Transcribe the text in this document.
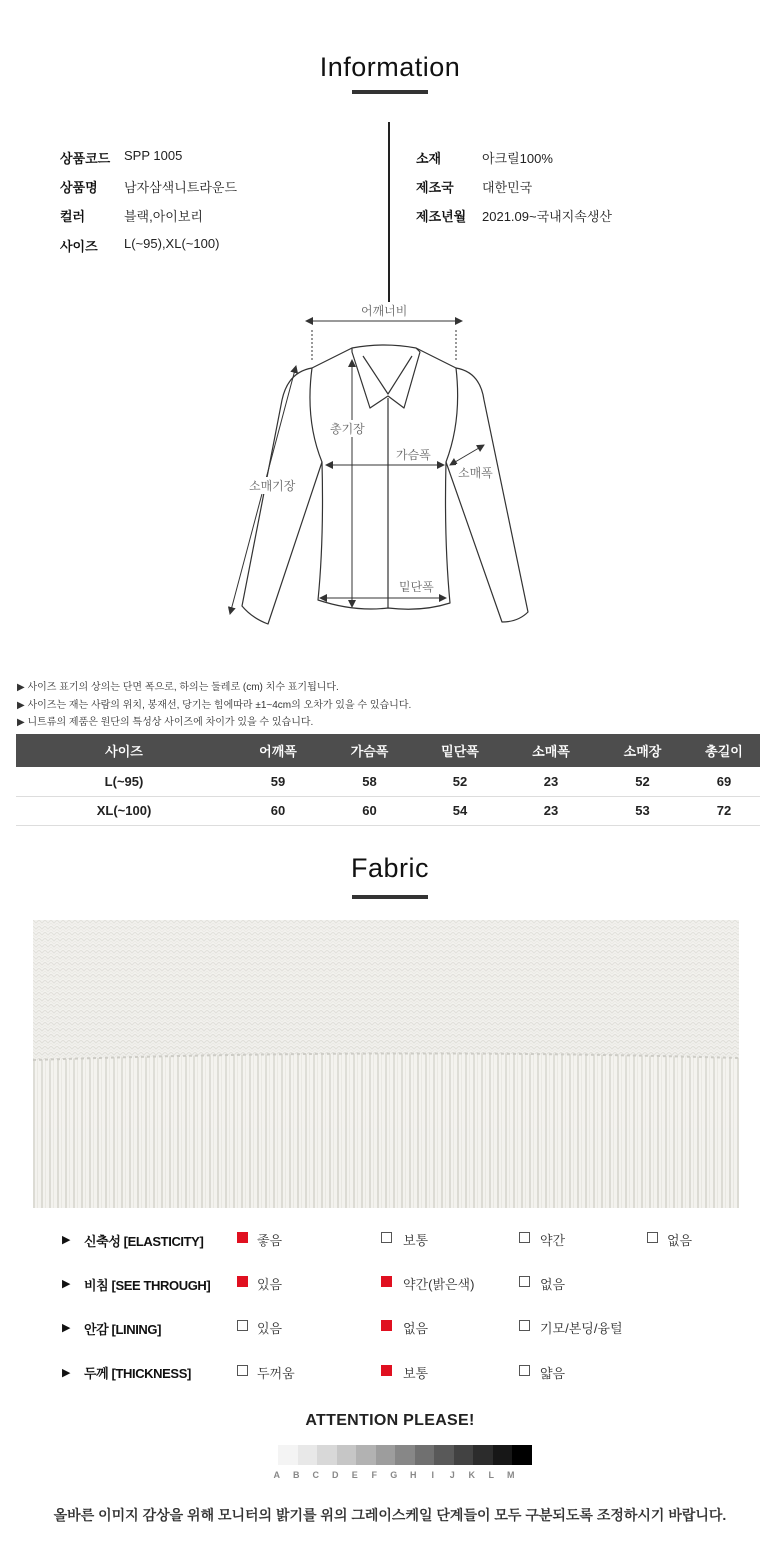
Information
상품코드 SPP 1005
상품명 남자삼색니트라운드
컬러	블랙,아이보리
사이즈 L(~95),XL(~100)
소재	아크릴100%
제조국 대한민국
제조년월 2021.09~국내지속생산
어깨너비
총기장
가슴폭
소매폭
소매기장
밑단폭
▶ 사이즈 표기의 상의는 단면 폭으로, 하의는 둘레로 (cm) 치수 표기됩니다.
▶ 사이즈는 재는 사람의 위치, 봉재선, 당기는 힘에따라 ±1~4cm의 오차가 있을 수 있습니다.
▶ 니트류의 제품은 원단의 특성상 사이즈에 차이가 있을 수 있습니다.
사이즈	어깨폭	가슴폭	밑단폭	소매폭	소매장	총길이
L(~95)	59	58	52	23	52	69
XL(~100)	60	60	54	23	53	72
Fabric
▶ 신축성 [ELASTICITY]	좋음	보통	약간	없음
▶ 비침 [SEE THROUGH]	있음	약간(밝은색)	없음
▶ 안감 [LINING]	있음	없음	기모/본딩/융털
▶ 두께 [THICKNESS]	두꺼움	보통	얇음
ATTENTION PLEASE!
A	B	C	D	E	F	G	H	I	J	K	L	M
올바른 이미지 감상을 위해 모니터의 밝기를 위의 그레이스케일 단계들이 모두 구분되도록 조정하시기 바랍니다.
